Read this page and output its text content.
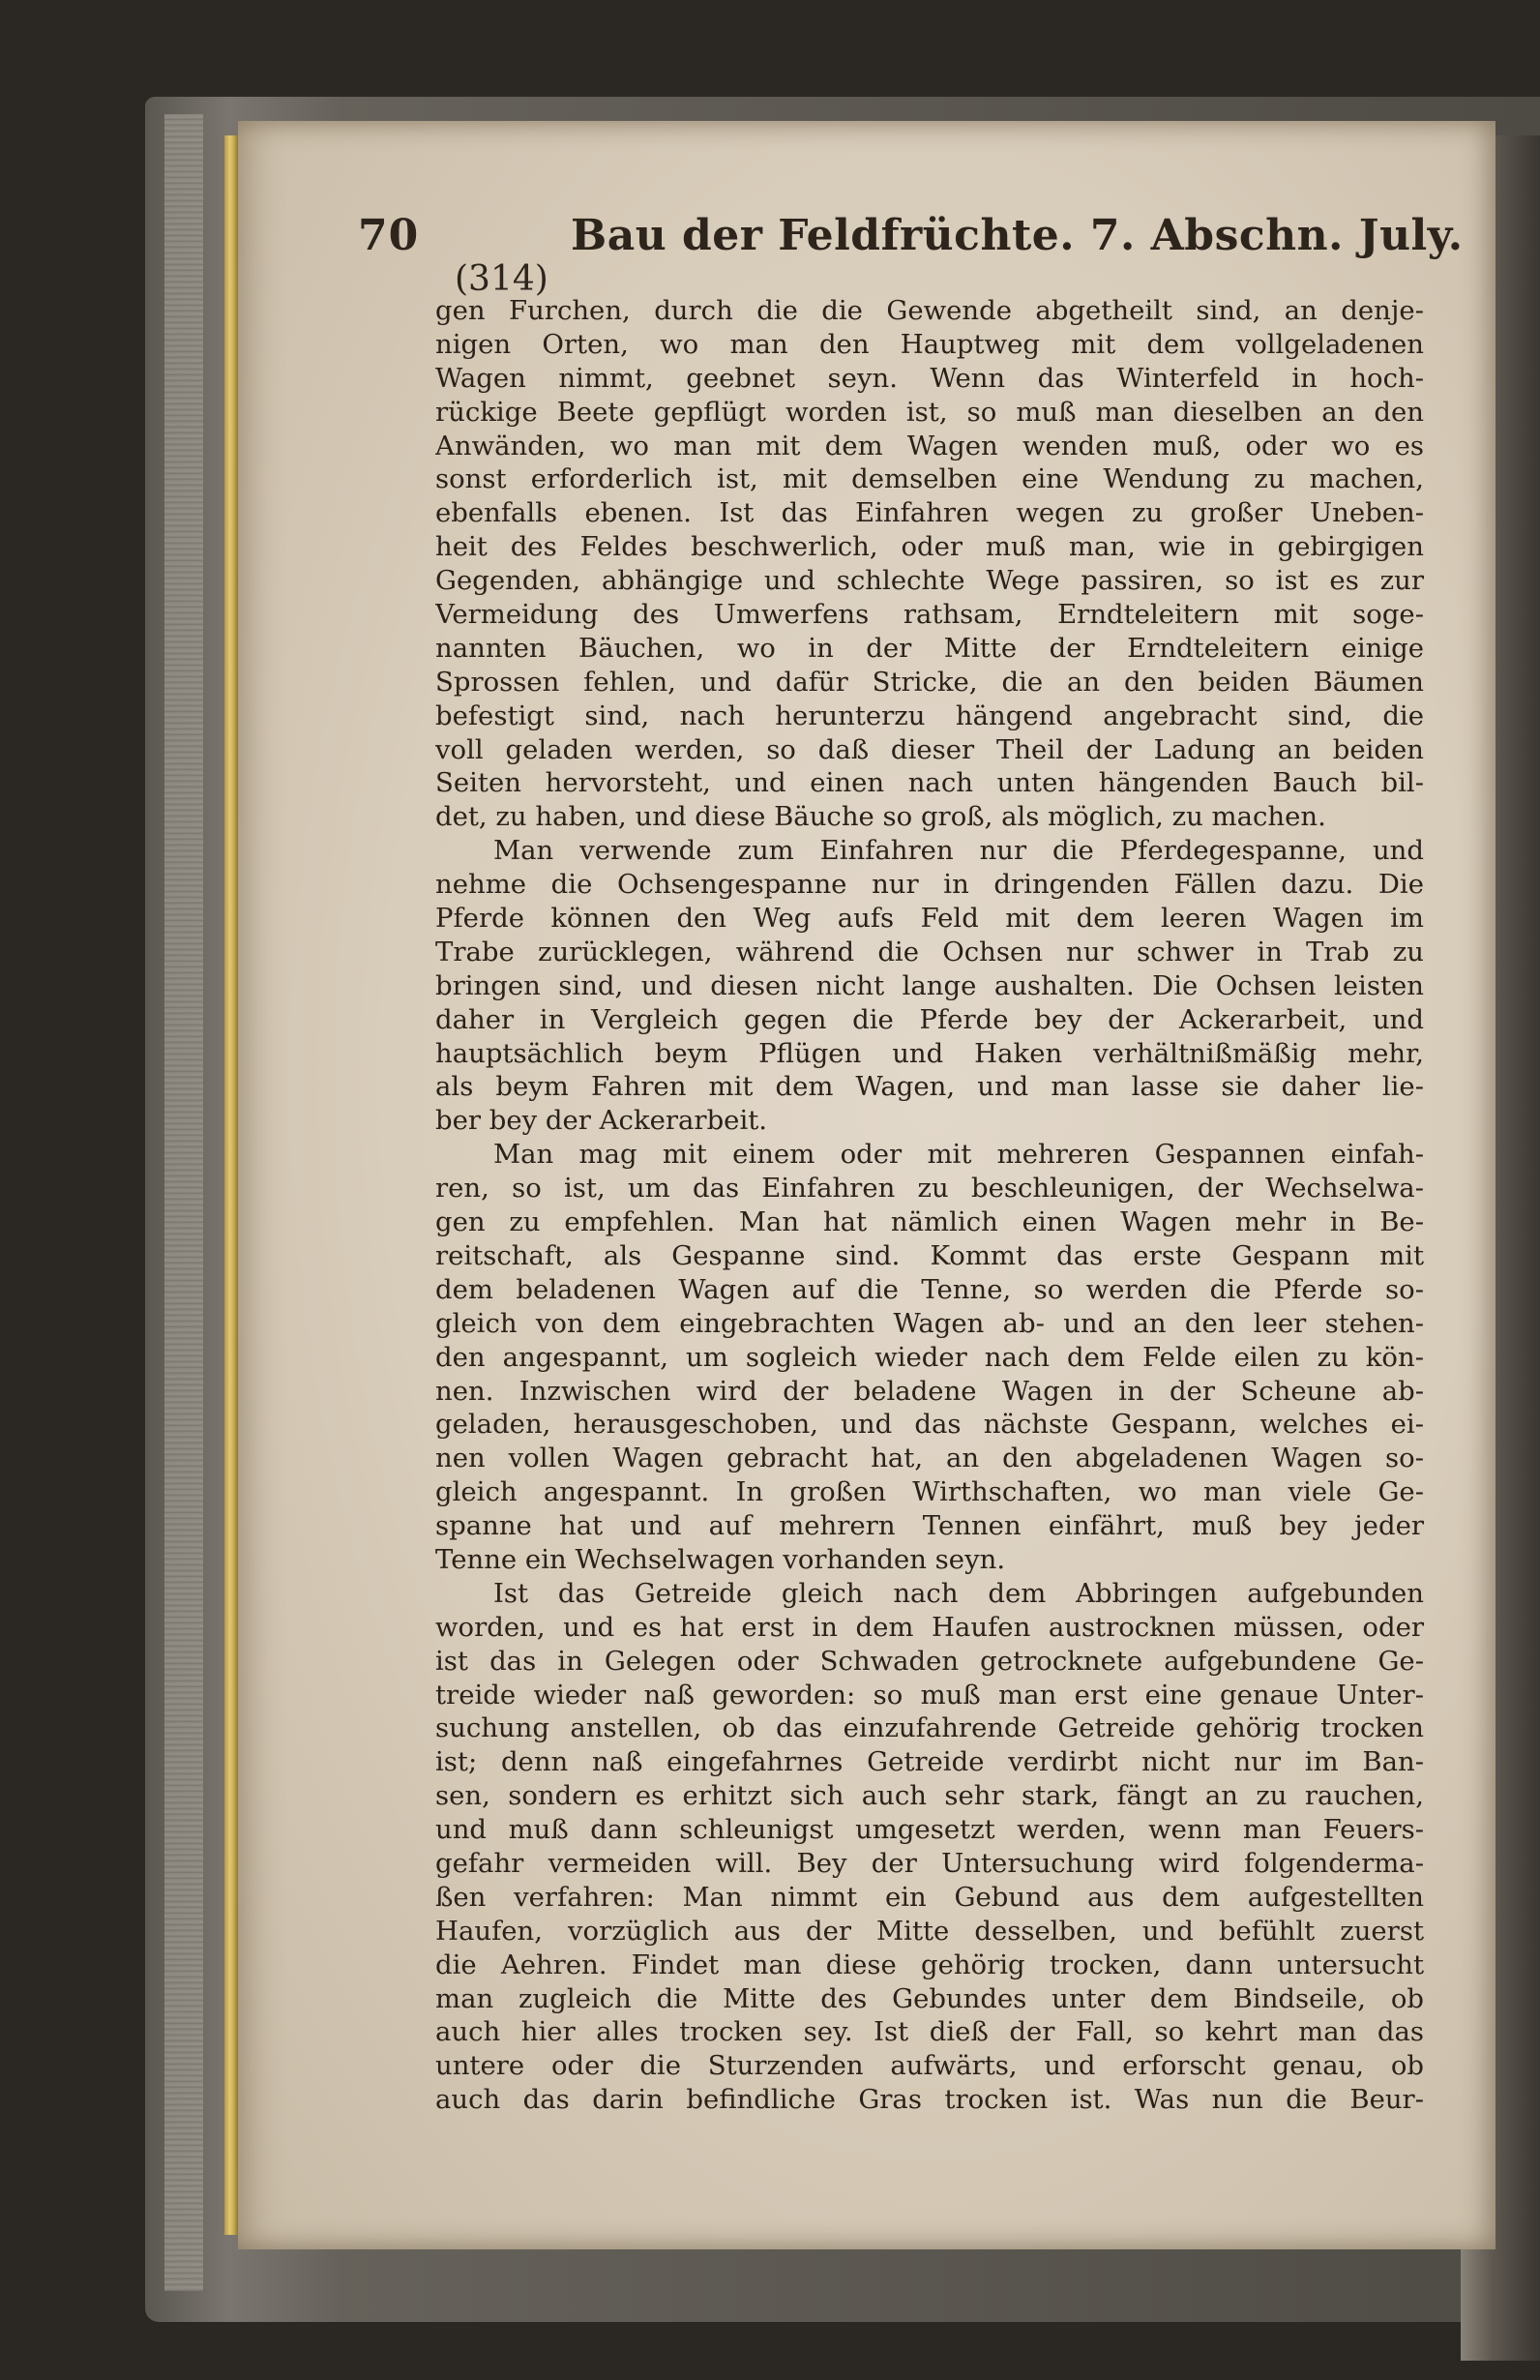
70	Bau der Feldfrüchte. 7. Abschn. July.
(314)
gen Furchen, durch die die Gewende abgetheilt sind, an denje-
nigen Orten, wo man den Hauptweg mit dem vollgeladenen
Wagen nimmt, geebnet seyn. Wenn das Winterfeld in hoch-
rückige Beete gepflügt worden ist, so muß man dieselben an den
Anwänden, wo man mit dem Wagen wenden muß, oder wo es
sonst erforderlich ist, mit demselben eine Wendung zu machen,
ebenfalls ebenen. Ist das Einfahren wegen zu großer Uneben-
heit des Feldes beschwerlich, oder muß man, wie in gebirgigen
Gegenden, abhängige und schlechte Wege passiren, so ist es zur
Vermeidung des Umwerfens rathsam, Erndteleitern mit soge-
nannten Bäuchen, wo in der Mitte der Erndteleitern einige
Sprossen fehlen, und dafür Stricke, die an den beiden Bäumen
befestigt sind, nach herunterzu hängend angebracht sind, die
voll geladen werden, so daß dieser Theil der Ladung an beiden
Seiten hervorsteht, und einen nach unten hängenden Bauch bil-
det, zu haben, und diese Bäuche so groß, als möglich, zu machen.
Man verwende zum Einfahren nur die Pferdegespanne, und
nehme die Ochsengespanne nur in dringenden Fällen dazu. Die
Pferde können den Weg aufs Feld mit dem leeren Wagen im
Trabe zurücklegen, während die Ochsen nur schwer in Trab zu
bringen sind, und diesen nicht lange aushalten. Die Ochsen leisten
daher in Vergleich gegen die Pferde bey der Ackerarbeit, und
hauptsächlich beym Pflügen und Haken verhältnißmäßig mehr,
als beym Fahren mit dem Wagen, und man lasse sie daher lie-
ber bey der Ackerarbeit.
Man mag mit einem oder mit mehreren Gespannen einfah-
ren, so ist, um das Einfahren zu beschleunigen, der Wechselwa-
gen zu empfehlen. Man hat nämlich einen Wagen mehr in Be-
reitschaft, als Gespanne sind. Kommt das erste Gespann mit
dem beladenen Wagen auf die Tenne, so werden die Pferde so-
gleich von dem eingebrachten Wagen ab- und an den leer stehen-
den angespannt, um sogleich wieder nach dem Felde eilen zu kön-
nen. Inzwischen wird der beladene Wagen in der Scheune ab-
geladen, herausgeschoben, und das nächste Gespann, welches ei-
nen vollen Wagen gebracht hat, an den abgeladenen Wagen so-
gleich angespannt. In großen Wirthschaften, wo man viele Ge-
spanne hat und auf mehrern Tennen einfährt, muß bey jeder
Tenne ein Wechselwagen vorhanden seyn.
Ist das Getreide gleich nach dem Abbringen aufgebunden
worden, und es hat erst in dem Haufen austrocknen müssen, oder
ist das in Gelegen oder Schwaden getrocknete aufgebundene Ge-
treide wieder naß geworden: so muß man erst eine genaue Unter-
suchung anstellen, ob das einzufahrende Getreide gehörig trocken
ist; denn naß eingefahrnes Getreide verdirbt nicht nur im Ban-
sen, sondern es erhitzt sich auch sehr stark, fängt an zu rauchen,
und muß dann schleunigst umgesetzt werden, wenn man Feuers-
gefahr vermeiden will. Bey der Untersuchung wird folgenderma-
ßen verfahren: Man nimmt ein Gebund aus dem aufgestellten
Haufen, vorzüglich aus der Mitte desselben, und befühlt zuerst
die Aehren. Findet man diese gehörig trocken, dann untersucht
man zugleich die Mitte des Gebundes unter dem Bindseile, ob
auch hier alles trocken sey. Ist dieß der Fall, so kehrt man das
untere oder die Sturzenden aufwärts, und erforscht genau, ob
auch das darin befindliche Gras trocken ist. Was nun die Beur-
